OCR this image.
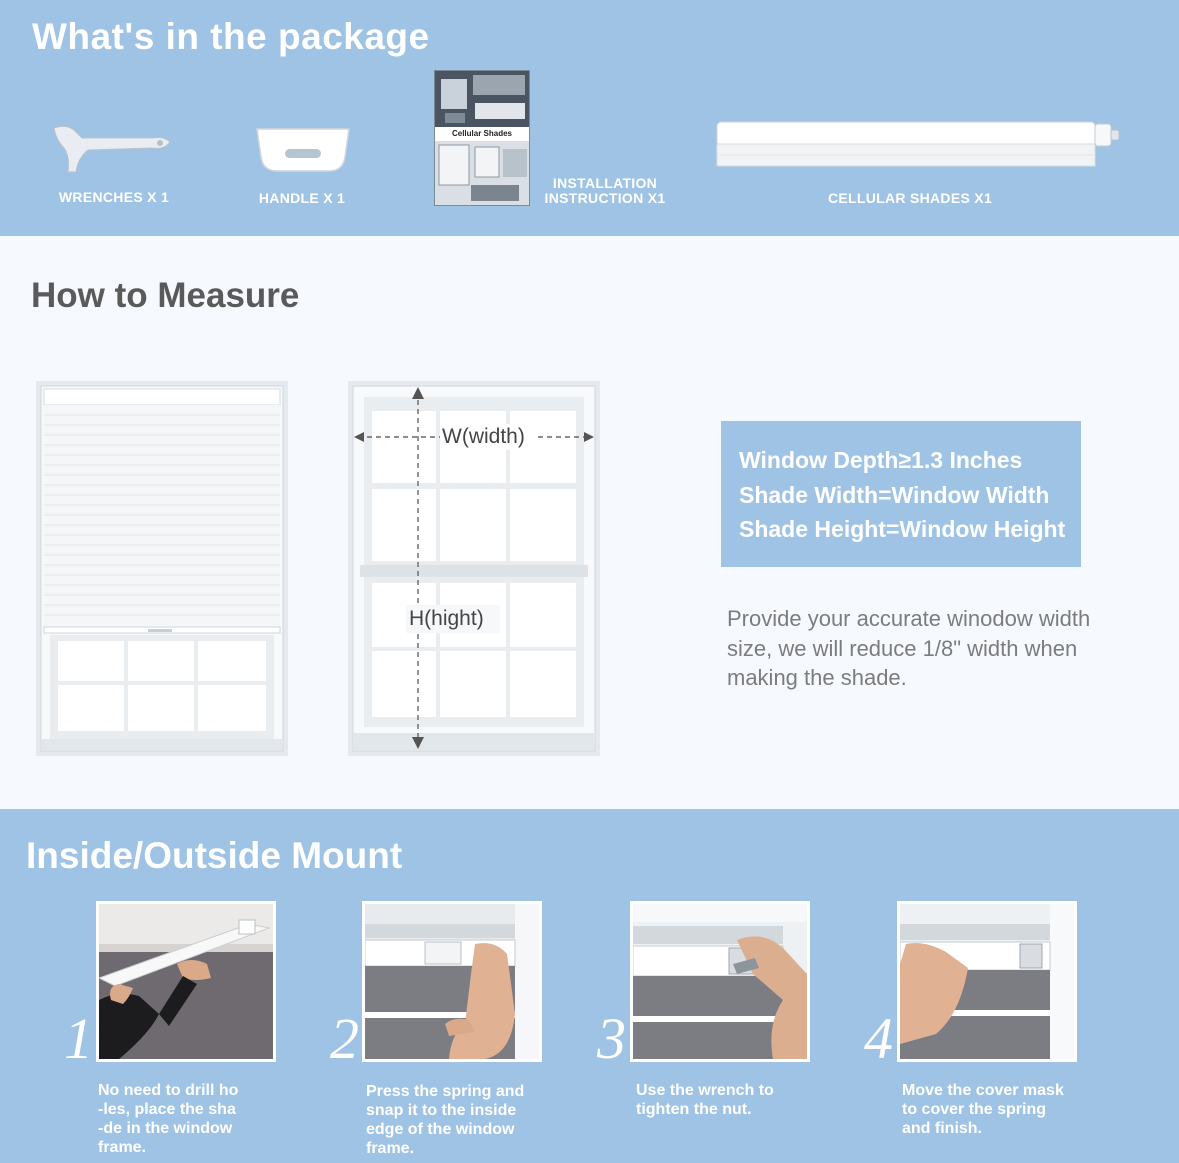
What's in the package
WRENCHES X 1	HANDLE X 1
Cellular Shades
INSTALLATION
INSTRUCTION X1	CELLULAR SHADES X1
How to Measure
W(width)
H(hight)
Window Depth≥1.3 Inches
Shade Width=Window Width
Shade Height=Window Height

Provide your accurate winodow width size, we will reduce 1/8" width when making the shade.

Inside/Outside Mount
1
No need to drill ho
-les, place the sha
-de in the window
frame.
2
Press the spring and
snap it to the inside
edge of the window
frame.
3
Use the wrench to
tighten the nut.
4
Move the cover mask
to cover the spring
and finish.
